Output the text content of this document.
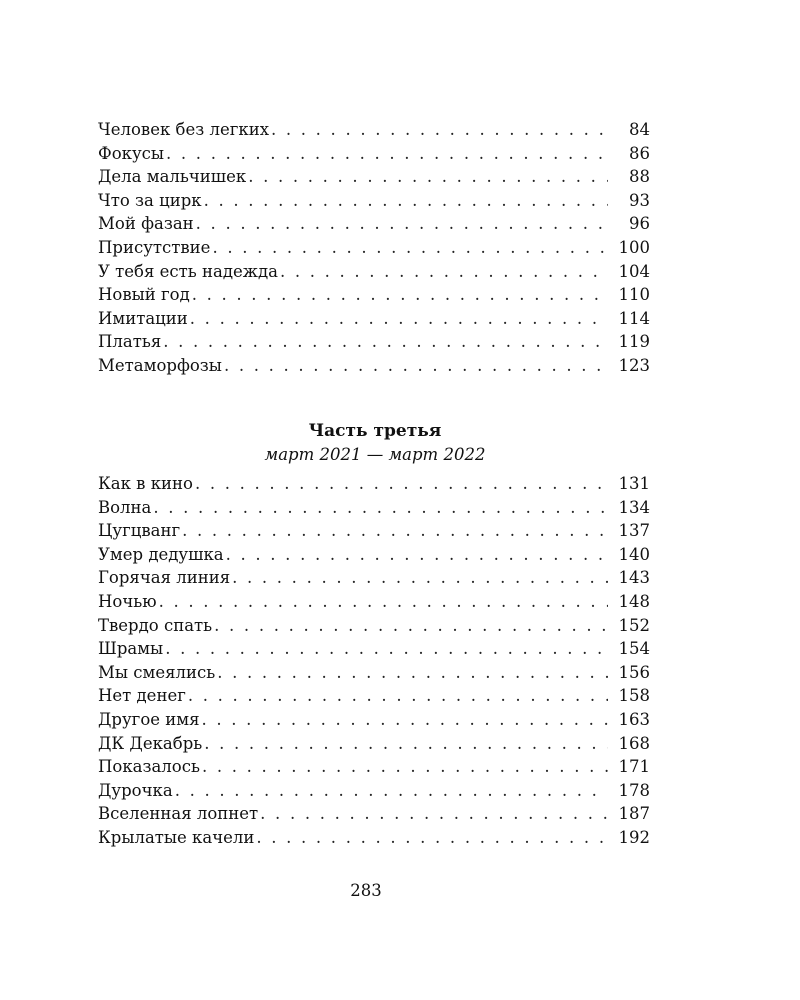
Человек без легких . . .	84
Фокусы . . .	86
Дела мальчишек . . .	88
Что за цирк . . .	93
Мой фазан . . .	96
Присутствие . . .	100
У тебя есть надежда . . .	104
Новый год . . .	110
Имитации . . .	114
Платья . . .	119
Метаморфозы . . .	123
Часть третья
март 2021 — март 2022
Как в кино . . .	131
Волна . . .	134
Цугцванг . . .	137
Умер дедушка . . .	140
Горячая линия . . .	143
Ночью . . .	148
Твердо спать . . .	152
Шрамы . . .	154
Мы смеялись . . .	156
Нет денег . . .	158
Другое имя . . .	163
ДК Декабрь . . .	168
Показалось . . .	171
Дурочка . . .	178
Вселенная лопнет . . .	187
Крылатые качели . . .	192
283
